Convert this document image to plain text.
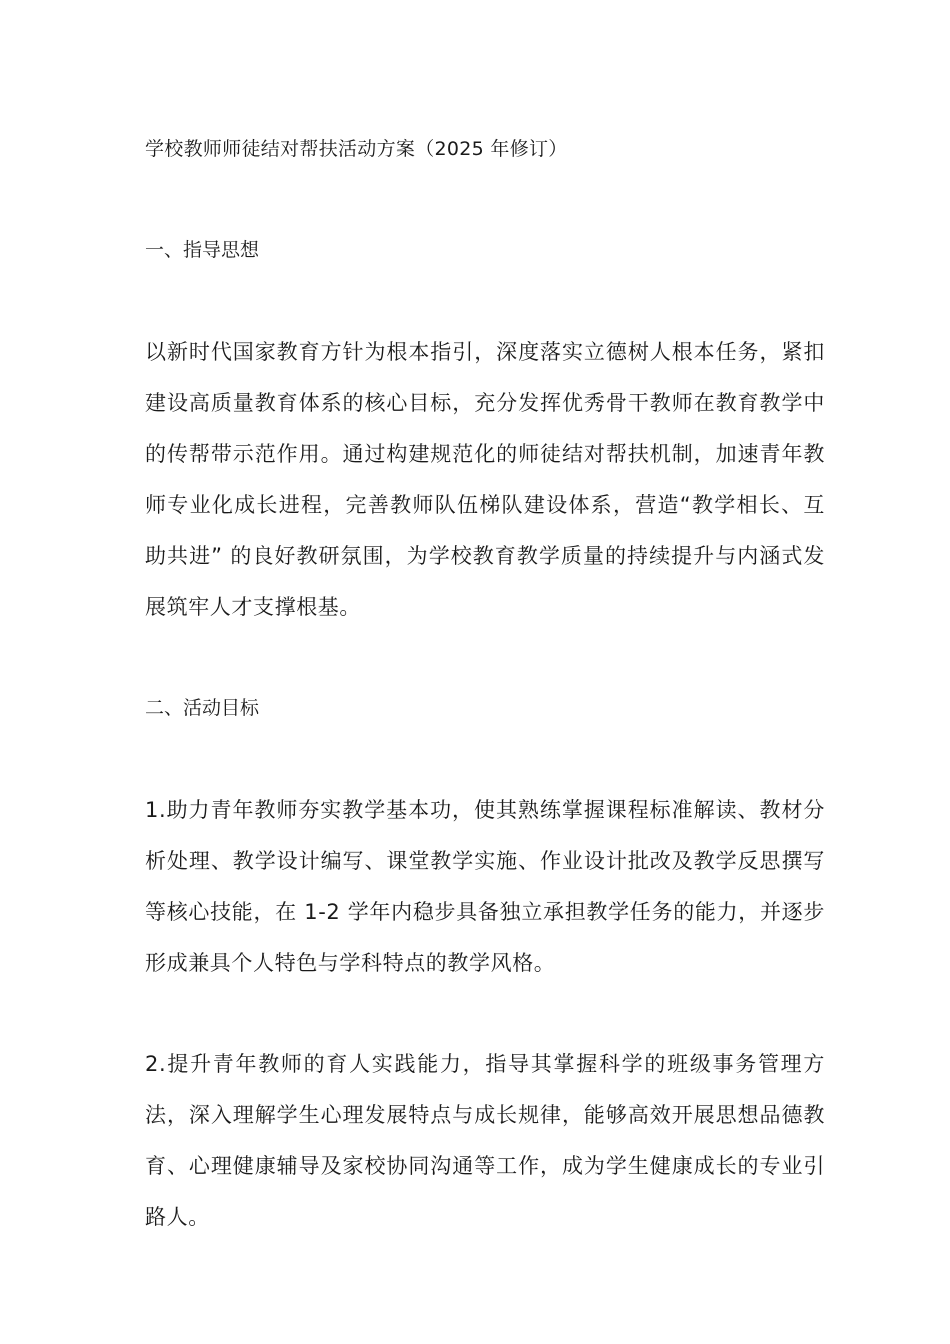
学校教师师徒结对帮扶活动方案（2025 年修订）

一、指导思想

以新时代国家教育方针为根本指引，深度落实立德树人根本任务，紧扣建设高质量教育体系的核心目标，充分发挥优秀骨干教师在教育教学中的传帮带示范作用。通过构建规范化的师徒结对帮扶机制，加速青年教师专业化成长进程，完善教师队伍梯队建设体系，营造“教学相长、互助共进” 的良好教研氛围，为学校教育教学质量的持续提升与内涵式发展筑牢人才支撑根基。

二、活动目标

1.助力青年教师夯实教学基本功，使其熟练掌握课程标准解读、教材分析处理、教学设计编写、课堂教学实施、作业设计批改及教学反思撰写等核心技能，在 1-2 学年内稳步具备独立承担教学任务的能力，并逐步形成兼具个人特色与学科特点的教学风格。

2.提升青年教师的育人实践能力，指导其掌握科学的班级事务管理方法，深入理解学生心理发展特点与成长规律，能够高效开展思想品德教育、心理健康辅导及家校协同沟通等工作，成为学生健康成长的专业引路人。
